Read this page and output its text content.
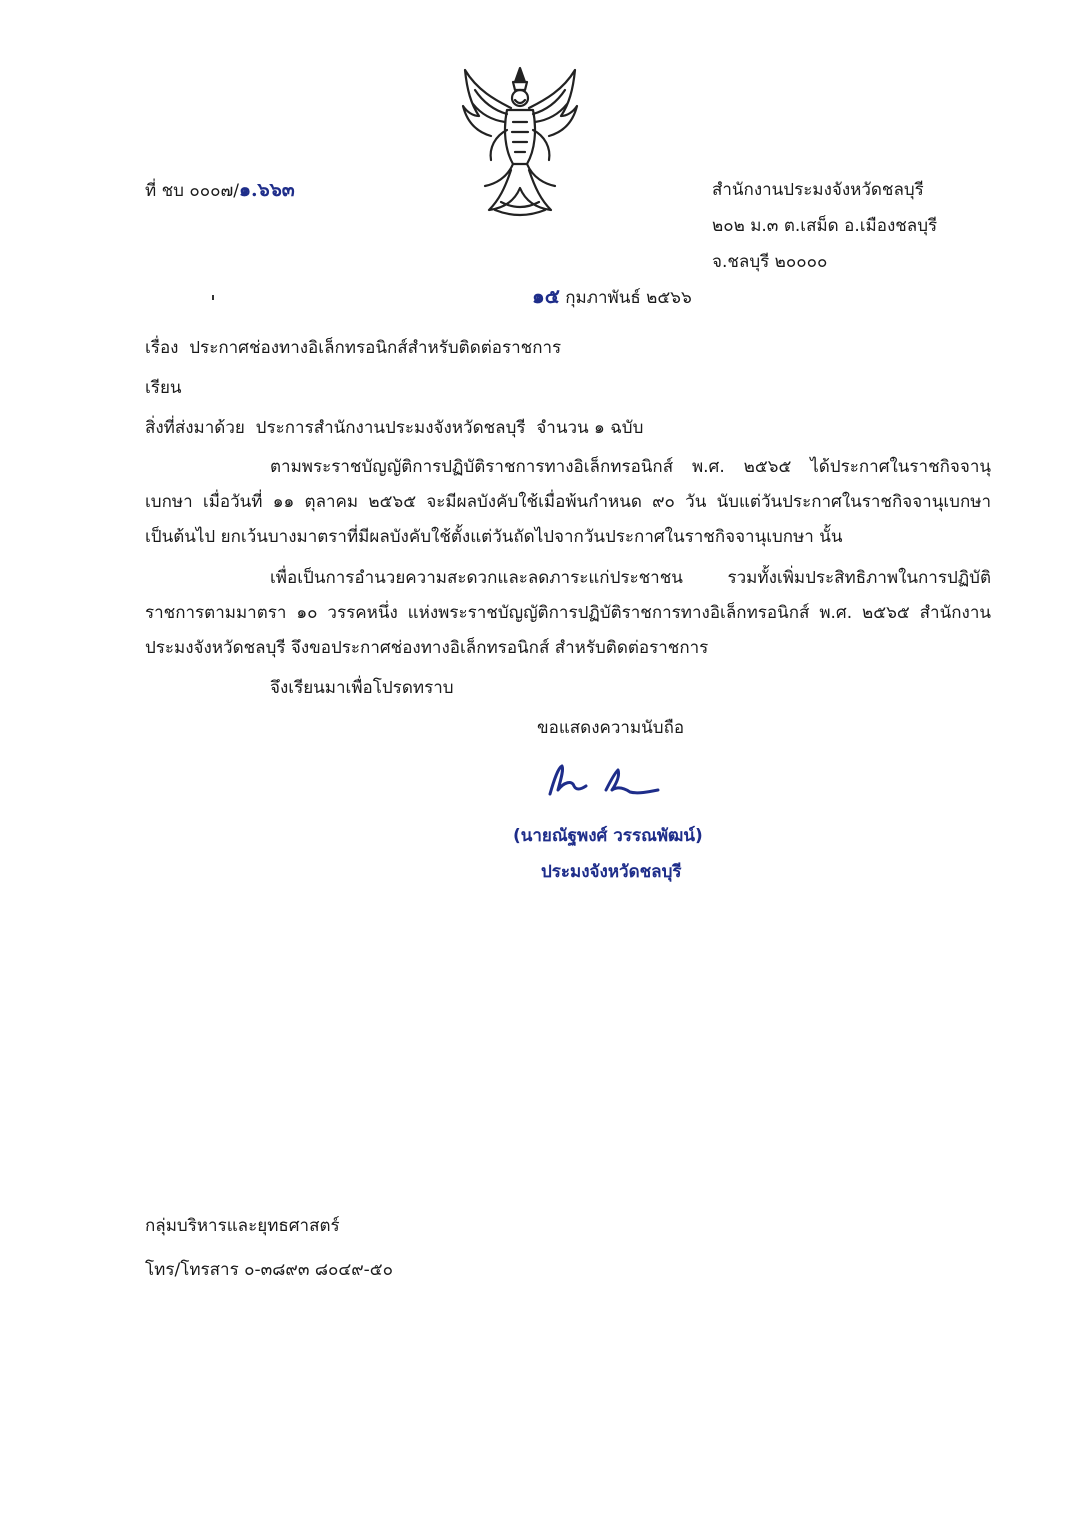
ที่ ชบ ๐๐๐๗/๑.๖๖๓	สำนักงานประมงจังหวัดชลบุรี
๒๐๒ ม.๓ ต.เสม็ด อ.เมืองชลบุรี
จ.ชลบุรี ๒๐๐๐๐
๑๕ กุมภาพันธ์ ๒๕๖๖
เรื่อง ประกาศช่องทางอิเล็กทรอนิกส์สำหรับติดต่อราชการ
เรียน
สิ่งที่ส่งมาด้วย ประการสำนักงานประมงจังหวัดชลบุรี จำนวน ๑ ฉบับ
ตามพระราชบัญญัติการปฏิบัติราชการทางอิเล็กทรอนิกส์ พ.ศ. ๒๕๖๕ ได้ประกาศในราชกิจจานุเบกษา เมื่อวันที่ ๑๑ ตุลาคม ๒๕๖๕ จะมีผลบังคับใช้เมื่อพ้นกำหนด ๙๐ วัน นับแต่วันประกาศในราชกิจจานุเบกษาเป็นต้นไป ยกเว้นบางมาตราที่มีผลบังคับใช้ตั้งแต่วันถัดไปจากวันประกาศในราชกิจจานุเบกษา นั้น
เพื่อเป็นการอำนวยความสะดวกและลดภาระแก่ประชาชน รวมทั้งเพิ่มประสิทธิภาพในการปฏิบัติราชการตามมาตรา ๑๐ วรรคหนึ่ง แห่งพระราชบัญญัติการปฏิบัติราชการทางอิเล็กทรอนิกส์ พ.ศ. ๒๕๖๕ สำนักงานประมงจังหวัดชลบุรี จึงขอประกาศช่องทางอิเล็กทรอนิกส์ สำหรับติดต่อราชการ
จึงเรียนมาเพื่อโปรดทราบ
ขอแสดงความนับถือ
(นายณัฐพงศ์ วรรณพัฒน์)
ประมงจังหวัดชลบุรี
กลุ่มบริหารและยุทธศาสตร์
โทร/โทรสาร ๐-๓๘๙๓ ๘๐๔๙-๕๐
